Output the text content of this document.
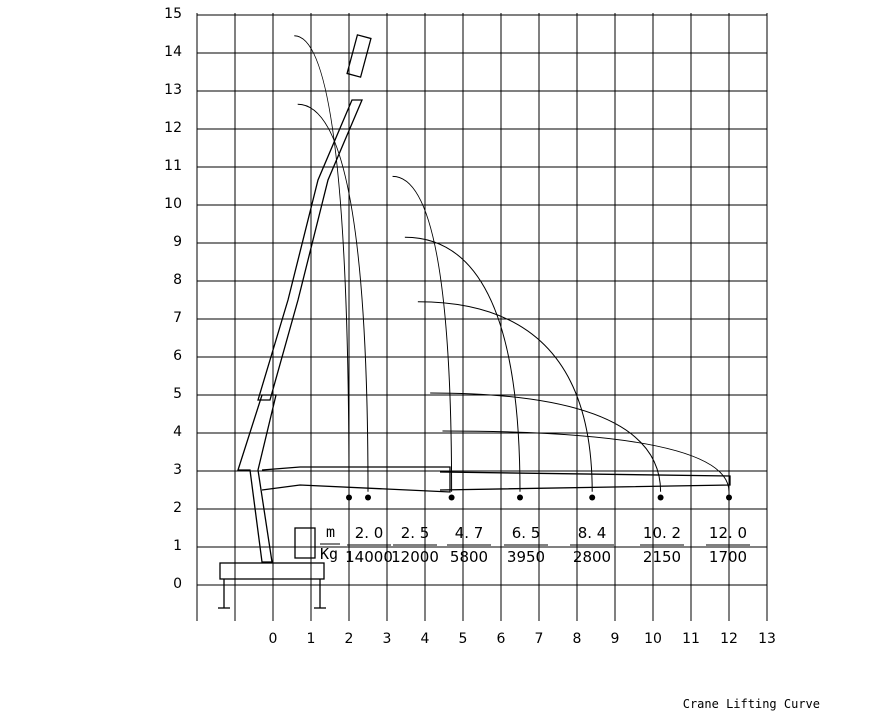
0 1 2 3 4 5 6 7 8 9 10 11 12 13
0
1
2
3
4
5
6
7
8
9
10
11
12
13
14
15
m
Kg
2. 0
14000
2. 5
12000
4. 7
5800
6. 5
3950
8. 4
2800
10. 2
2150
12. 0
1700
Crane Lifting Curve
